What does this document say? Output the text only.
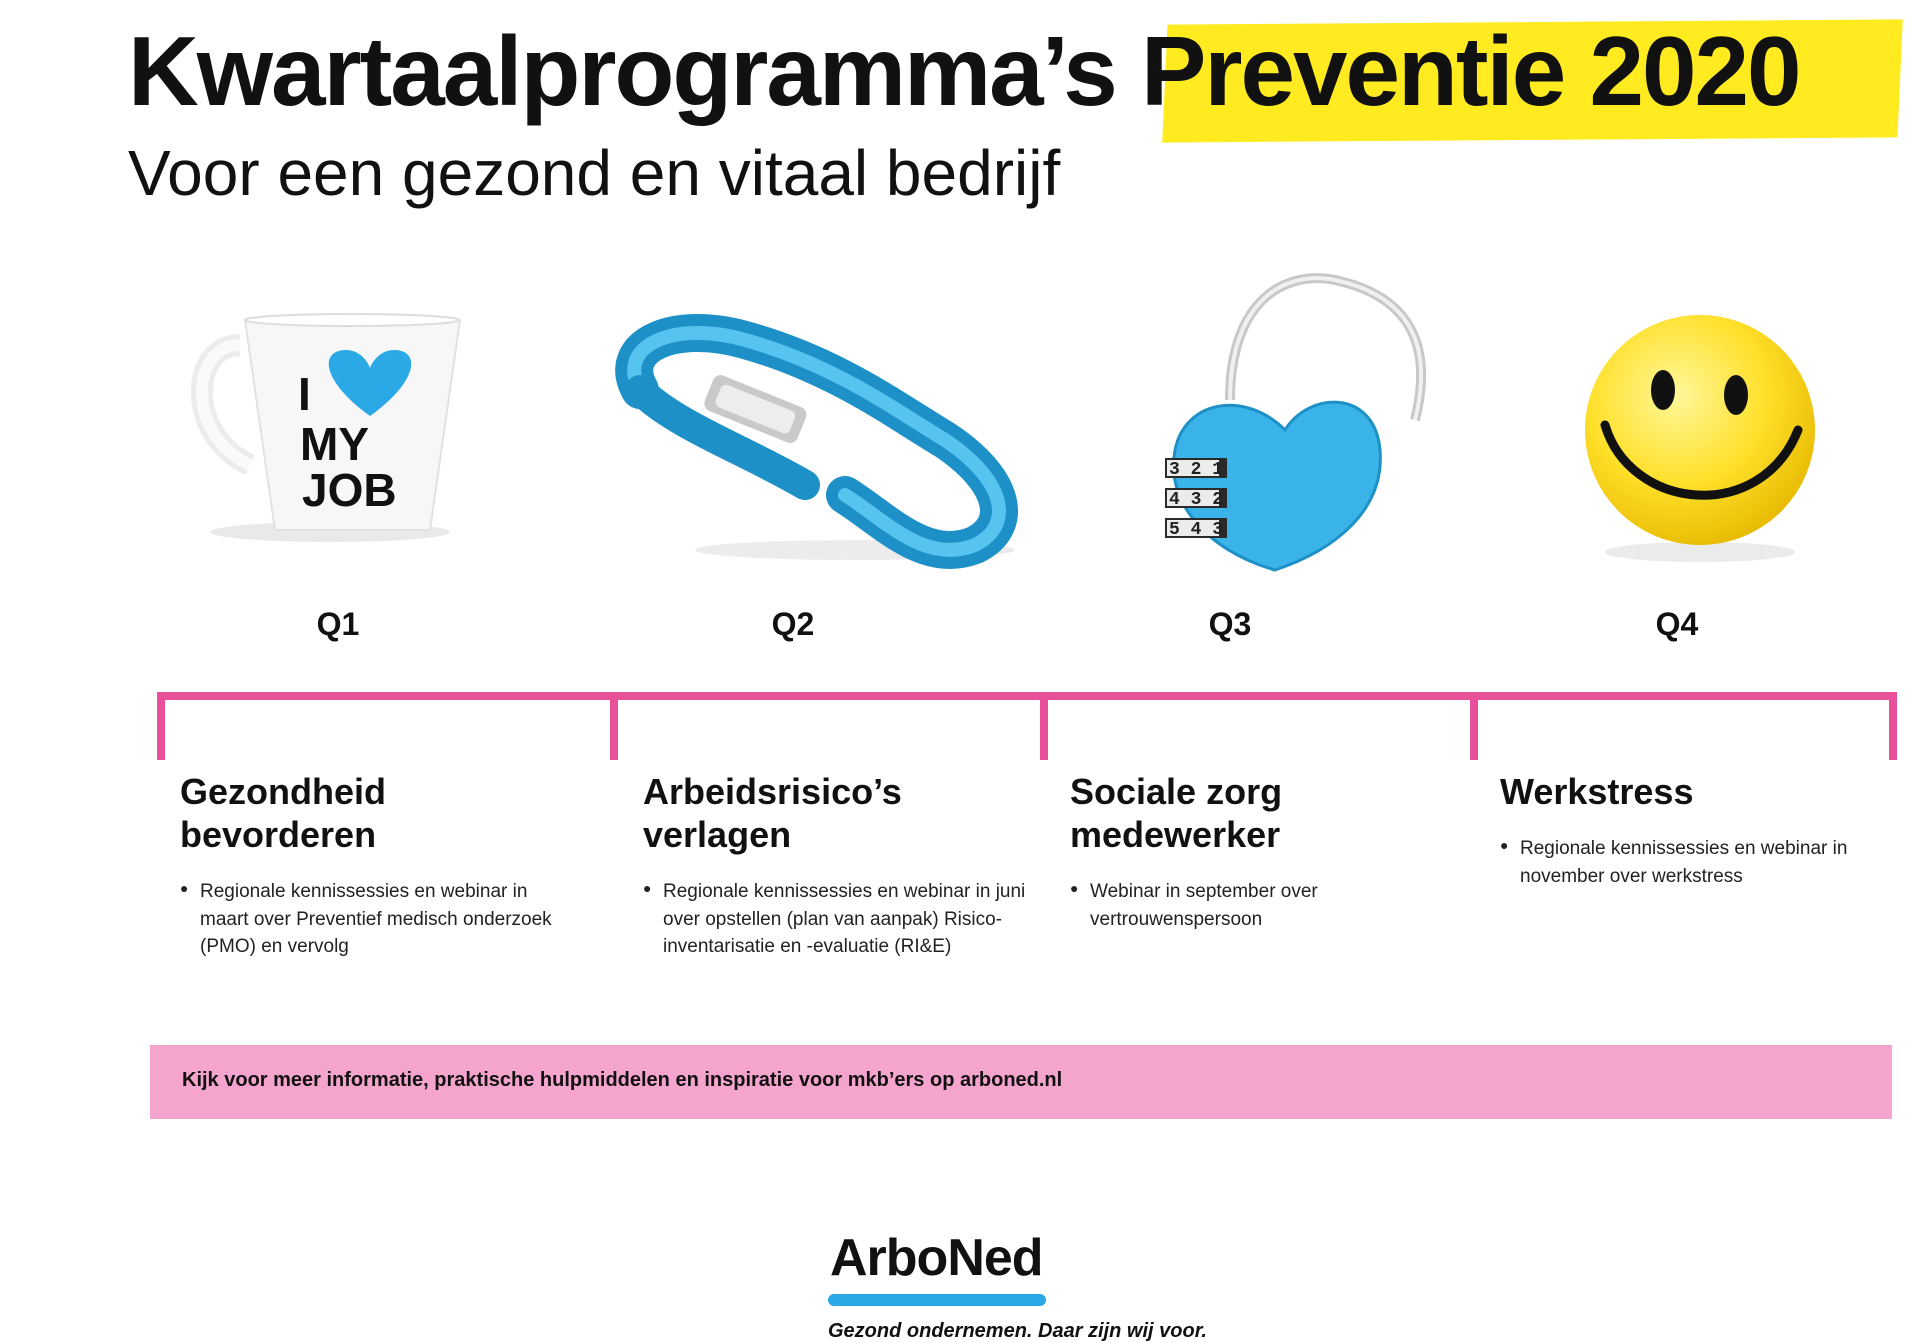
Kwartaalprogramma’s Preventie 2020
Voor een gezond en vitaal bedrijf
I
MY
JOB	3 2 1
4 3 2
5 4 3
Q1	Q2	Q3	Q4
Gezondheid bevorderen
● Regionale kennissessies en webinar in maart over Preventief medisch onderzoek (PMO) en vervolg
Arbeidsrisico’s verlagen
● Regionale kennissessies en webinar in juni over opstellen (plan van aanpak) Risico-inventarisatie en -evaluatie (RI&E)
Sociale zorg medewerker
● Webinar in september over vertrouwenspersoon
Werkstress
● Regionale kennissessies en webinar in november over werkstress
Kijk voor meer informatie, praktische hulpmiddelen en inspiratie voor mkb’ers op arboned.nl
ArboNed
Gezond ondernemen. Daar zijn wij voor.
